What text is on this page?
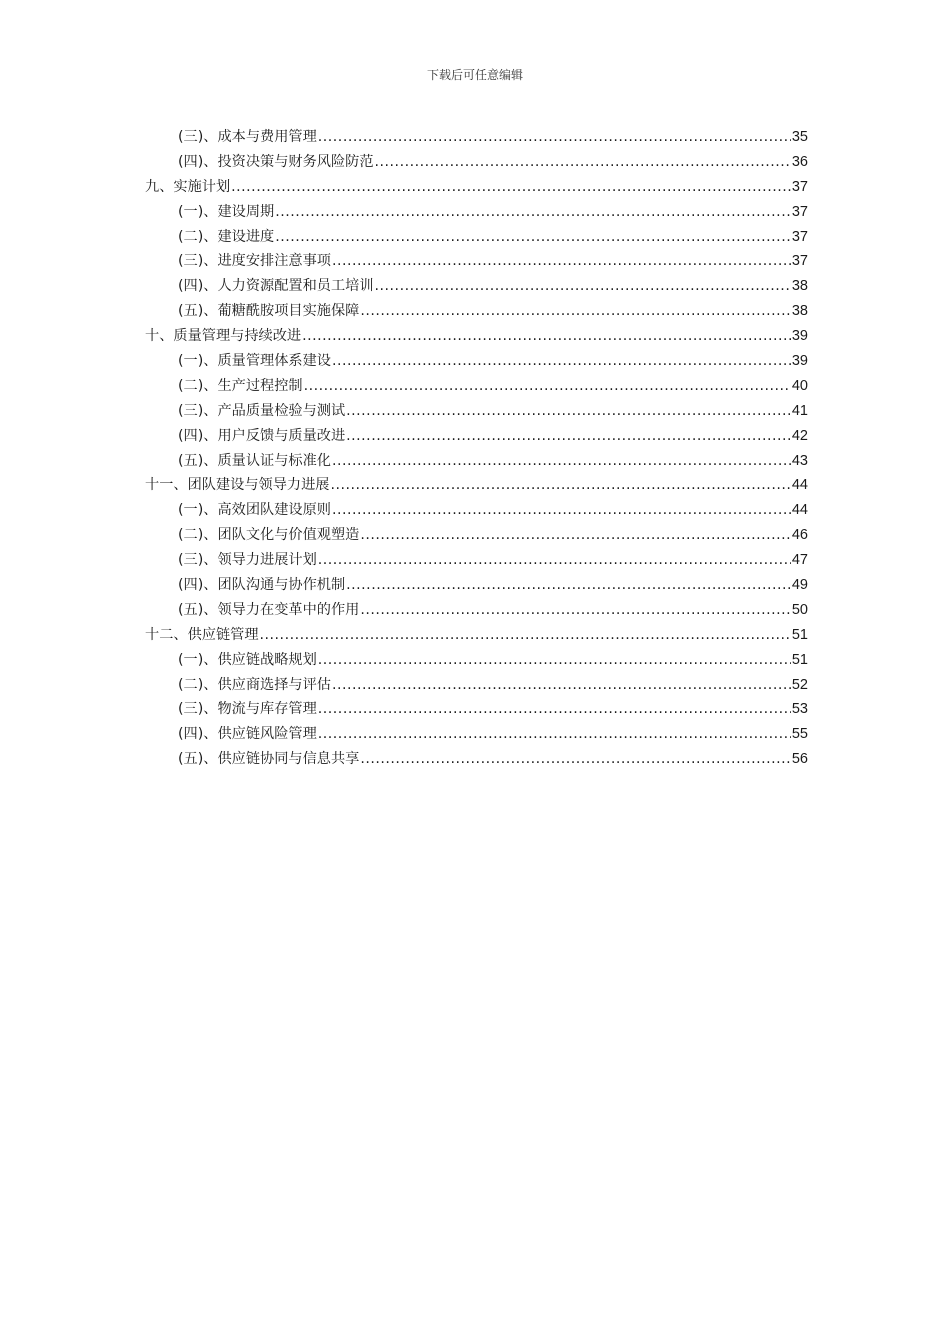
下载后可任意编辑
(三)、成本与费用管理 .....	35
(四)、投资决策与财务风险防范 .....	36
九、实施计划 .....	37
(一)、建设周期 .....	37
(二)、建设进度 .....	37
(三)、进度安排注意事项 .....	37
(四)、人力资源配置和员工培训 .....	38
(五)、葡糖酰胺项目实施保障 .....	38
十、质量管理与持续改进 .....	39
(一)、质量管理体系建设 .....	39
(二)、生产过程控制 .....	40
(三)、产品质量检验与测试 .....	41
(四)、用户反馈与质量改进 .....	42
(五)、质量认证与标准化 .....	43
十一、团队建设与领导力进展 .....	44
(一)、高效团队建设原则 .....	44
(二)、团队文化与价值观塑造 .....	46
(三)、领导力进展计划 .....	47
(四)、团队沟通与协作机制 .....	49
(五)、领导力在变革中的作用 .....	50
十二、供应链管理 .....	51
(一)、供应链战略规划 .....	51
(二)、供应商选择与评估 .....	52
(三)、物流与库存管理 .....	53
(四)、供应链风险管理 .....	55
(五)、供应链协同与信息共享 .....	56
